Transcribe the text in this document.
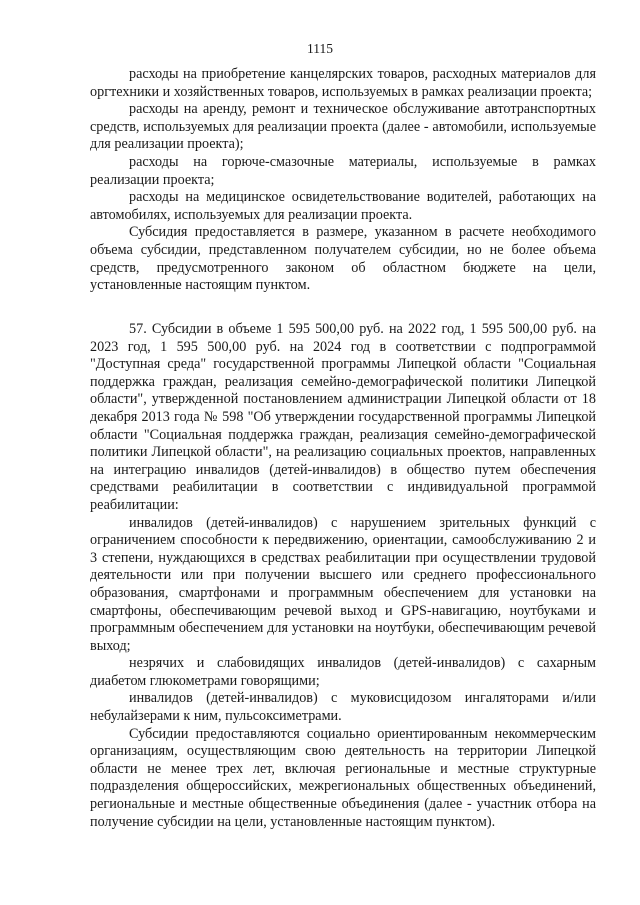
1115

расходы на приобретение канцелярских товаров, расходных материалов для оргтехники и хозяйственных товаров, используемых в рамках реализации проекта;

расходы на аренду, ремонт и техническое обслуживание автотранспортных средств, используемых для реализации проекта (далее - автомобили, используемые для реализации проекта);

расходы на горюче-смазочные материалы, используемые в рамках реализации проекта;

расходы на медицинское освидетельствование водителей, работающих на автомобилях, используемых для реализации проекта.

Субсидия предоставляется в размере, указанном в расчете необходимого объема субсидии, представленном получателем субсидии, но не более объема средств, предусмотренного законом об областном бюджете на цели, установленные настоящим пунктом.

57. Субсидии в объеме 1 595 500,00 руб. на 2022 год, 1 595 500,00 руб. на 2023 год, 1 595 500,00 руб. на 2024 год в соответствии с подпрограммой "Доступная среда" государственной программы Липецкой области "Социальная поддержка граждан, реализация семейно-демографической политики Липецкой области", утвержденной постановлением администрации Липецкой области от 18 декабря 2013 года № 598 "Об утверждении государственной программы Липецкой области "Социальная поддержка граждан, реализация семейно-демографической политики Липецкой области", на реализацию социальных проектов, направленных на интеграцию инвалидов (детей-инвалидов) в общество путем обеспечения средствами реабилитации в соответствии с индивидуальной программой реабилитации:

инвалидов (детей-инвалидов) с нарушением зрительных функций с ограничением способности к передвижению, ориентации, самообслуживанию 2 и 3 степени, нуждающихся в средствах реабилитации при осуществлении трудовой деятельности или при получении высшего или среднего профессионального образования, смартфонами и программным обеспечением для установки на смартфоны, обеспечивающим речевой выход и GPS-навигацию, ноутбуками и программным обеспечением для установки на ноутбуки, обеспечивающим речевой выход;

незрячих и слабовидящих инвалидов (детей-инвалидов) с сахарным диабетом глюкометрами говорящими;

инвалидов (детей-инвалидов) с муковисцидозом ингаляторами и/или небулайзерами к ним, пульсоксиметрами.

Субсидии предоставляются социально ориентированным некоммерческим организациям, осуществляющим свою деятельность на территории Липецкой области не менее трех лет, включая региональные и местные структурные подразделения общероссийских, межрегиональных общественных объединений, региональные и местные общественные объединения (далее - участник отбора на получение субсидии на цели, установленные настоящим пунктом).
